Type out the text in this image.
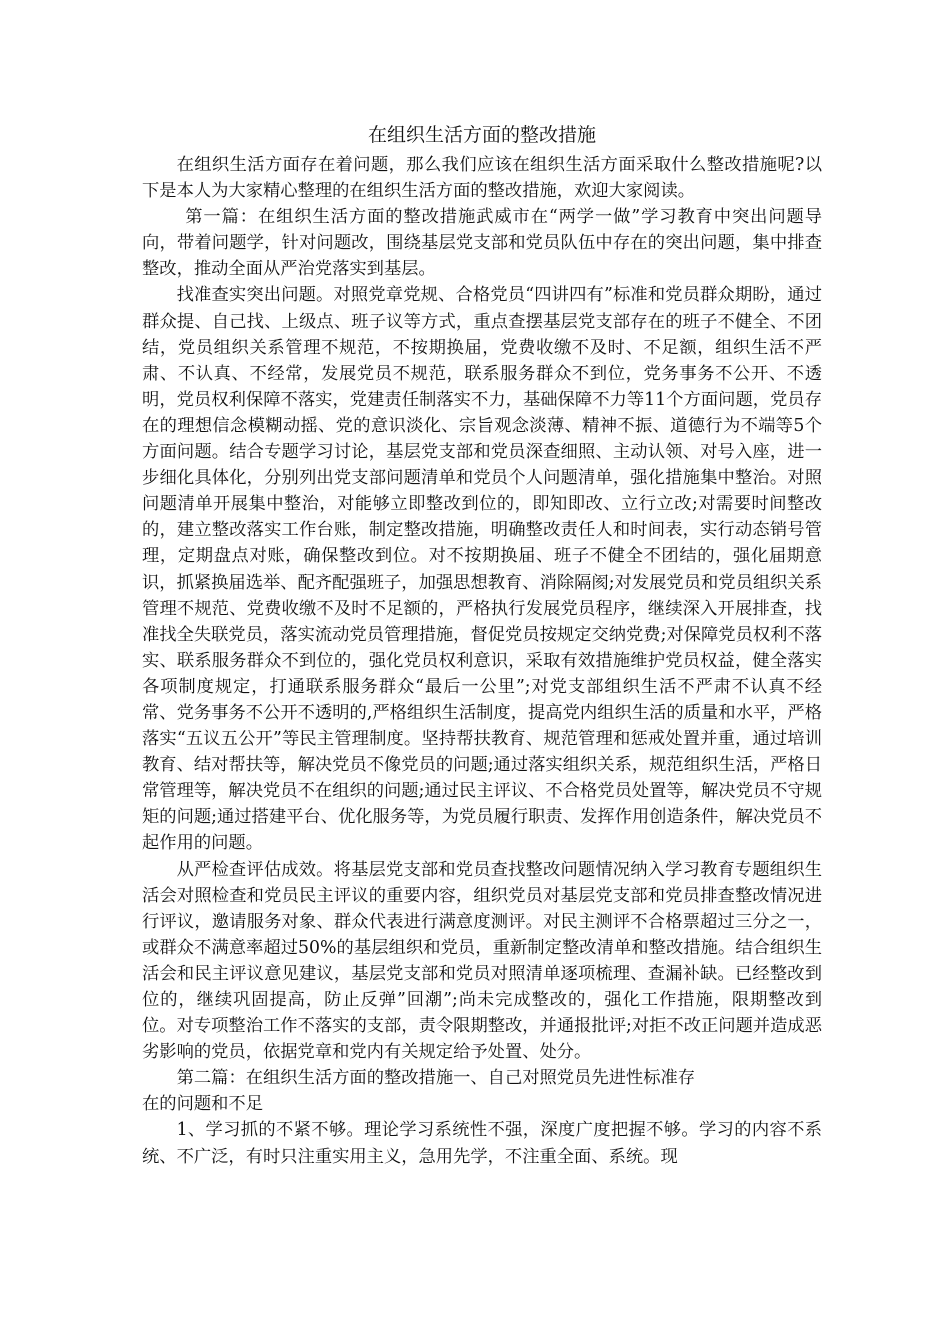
在组织生活方面的整改措施

在组织生活方面存在着问题，那么我们应该在组织生活方面采取什么整改措施呢?以下是本人为大家精心整理的在组织生活方面的整改措施，欢迎大家阅读。

第一篇：在组织生活方面的整改措施武威市在“两学一做”学习教育中突出问题导向，带着问题学，针对问题改，围绕基层党支部和党员队伍中存在的突出问题，集中排查整改，推动全面从严治党落实到基层。

找准查实突出问题。对照党章党规、合格党员“四讲四有”标准和党员群众期盼，通过群众提、自己找、上级点、班子议等方式，重点查摆基层党支部存在的班子不健全、不团结，党员组织关系管理不规范，不按期换届，党费收缴不及时、不足额，组织生活不严肃、不认真、不经常，发展党员不规范，联系服务群众不到位，党务事务不公开、不透明，党员权利保障不落实，党建责任制落实不力，基础保障不力等11个方面问题，党员存在的理想信念模糊动摇、党的意识淡化、宗旨观念淡薄、精神不振、道德行为不端等5个方面问题。结合专题学习讨论，基层党支部和党员深查细照、主动认领、对号入座，进一步细化具体化，分别列出党支部问题清单和党员个人问题清单，强化措施集中整治。对照问题清单开展集中整治，对能够立即整改到位的，即知即改、立行立改;对需要时间整改的，建立整改落实工作台账，制定整改措施，明确整改责任人和时间表，实行动态销号管理，定期盘点对账，确保整改到位。对不按期换届、班子不健全不团结的，强化届期意识，抓紧换届选举、配齐配强班子，加强思想教育、消除隔阂;对发展党员和党员组织关系管理不规范、党费收缴不及时不足额的，严格执行发展党员程序，继续深入开展排查，找准找全失联党员，落实流动党员管理措施，督促党员按规定交纳党费;对保障党员权利不落实、联系服务群众不到位的，强化党员权利意识，采取有效措施维护党员权益，健全落实各项制度规定，打通联系服务群众“最后一公里”;对党支部组织生活不严肃不认真不经常、党务事务不公开不透明的,严格组织生活制度，提高党内组织生活的质量和水平，严格落实“五议五公开”等民主管理制度。坚持帮扶教育、规范管理和惩戒处置并重，通过培训教育、结对帮扶等，解决党员不像党员的问题;通过落实组织关系，规范组织生活，严格日常管理等，解决党员不在组织的问题;通过民主评议、不合格党员处置等，解决党员不守规矩的问题;通过搭建平台、优化服务等，为党员履行职责、发挥作用创造条件，解决党员不起作用的问题。

从严检查评估成效。将基层党支部和党员查找整改问题情况纳入学习教育专题组织生活会对照检查和党员民主评议的重要内容，组织党员对基层党支部和党员排查整改情况进行评议，邀请服务对象、群众代表进行满意度测评。对民主测评不合格票超过三分之一，或群众不满意率超过50%的基层组织和党员，重新制定整改清单和整改措施。结合组织生活会和民主评议意见建议，基层党支部和党员对照清单逐项梳理、查漏补缺。已经整改到位的，继续巩固提高，防止反弹”回潮”;尚未完成整改的，强化工作措施，限期整改到位。对专项整治工作不落实的支部，责令限期整改，并通报批评;对拒不改正问题并造成恶劣影响的党员，依据党章和党内有关规定给予处置、处分。

第二篇：在组织生活方面的整改措施一、自己对照党员先进性标准存

在的问题和不足

1、学习抓的不紧不够。理论学习系统性不强，深度广度把握不够。学习的内容不系统、不广泛，有时只注重实用主义，急用先学，不注重全面、系统。现
